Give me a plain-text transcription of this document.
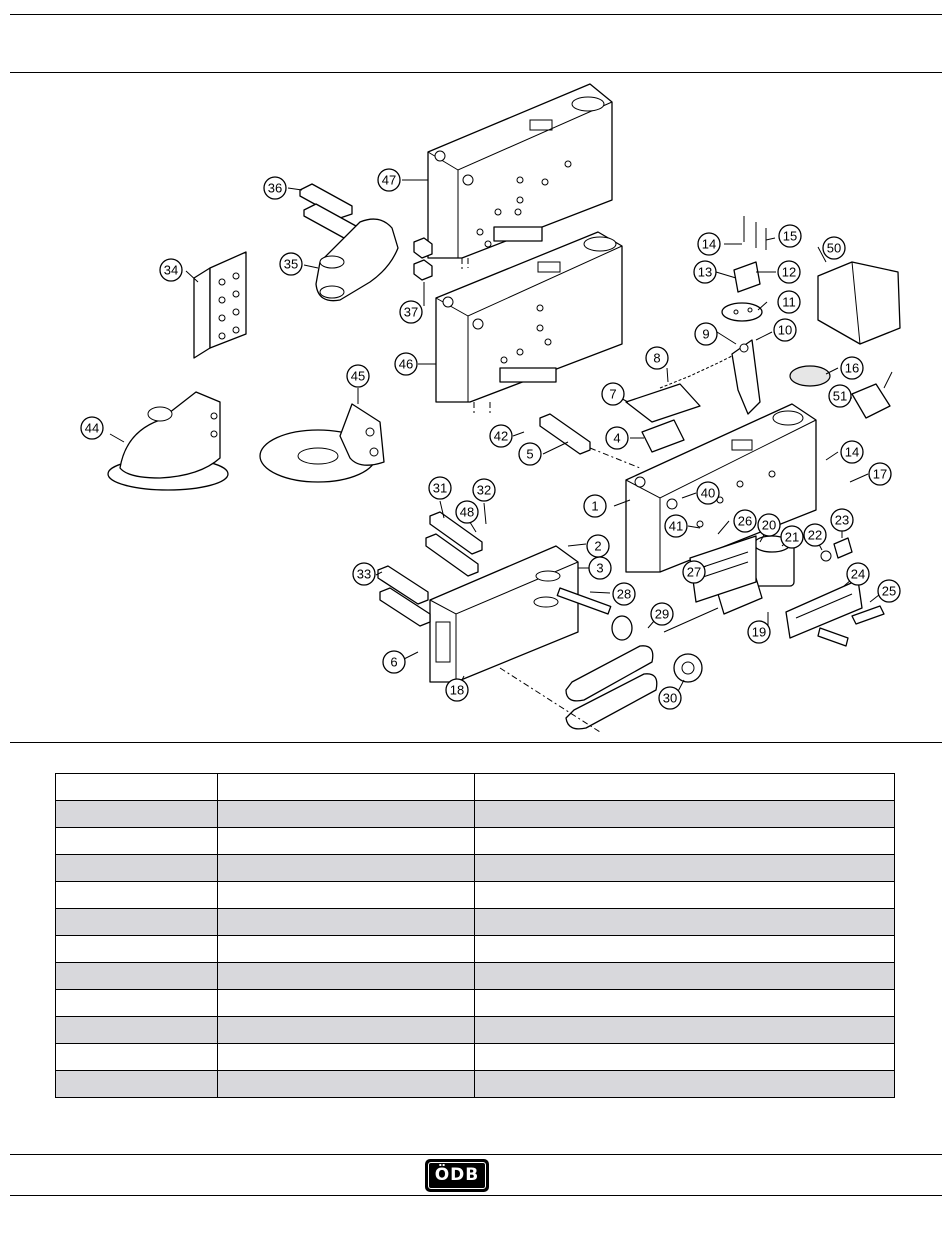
47
36
35
37
34
46
45
44
14
15
50
13	12
11
10
9
8
16
51
7
4
42
5	14
17
1
40
41	26 20
21 22
23
27	24
25
19
31 32
48
2
3
33
28
29
6
18
30

ÖDB
